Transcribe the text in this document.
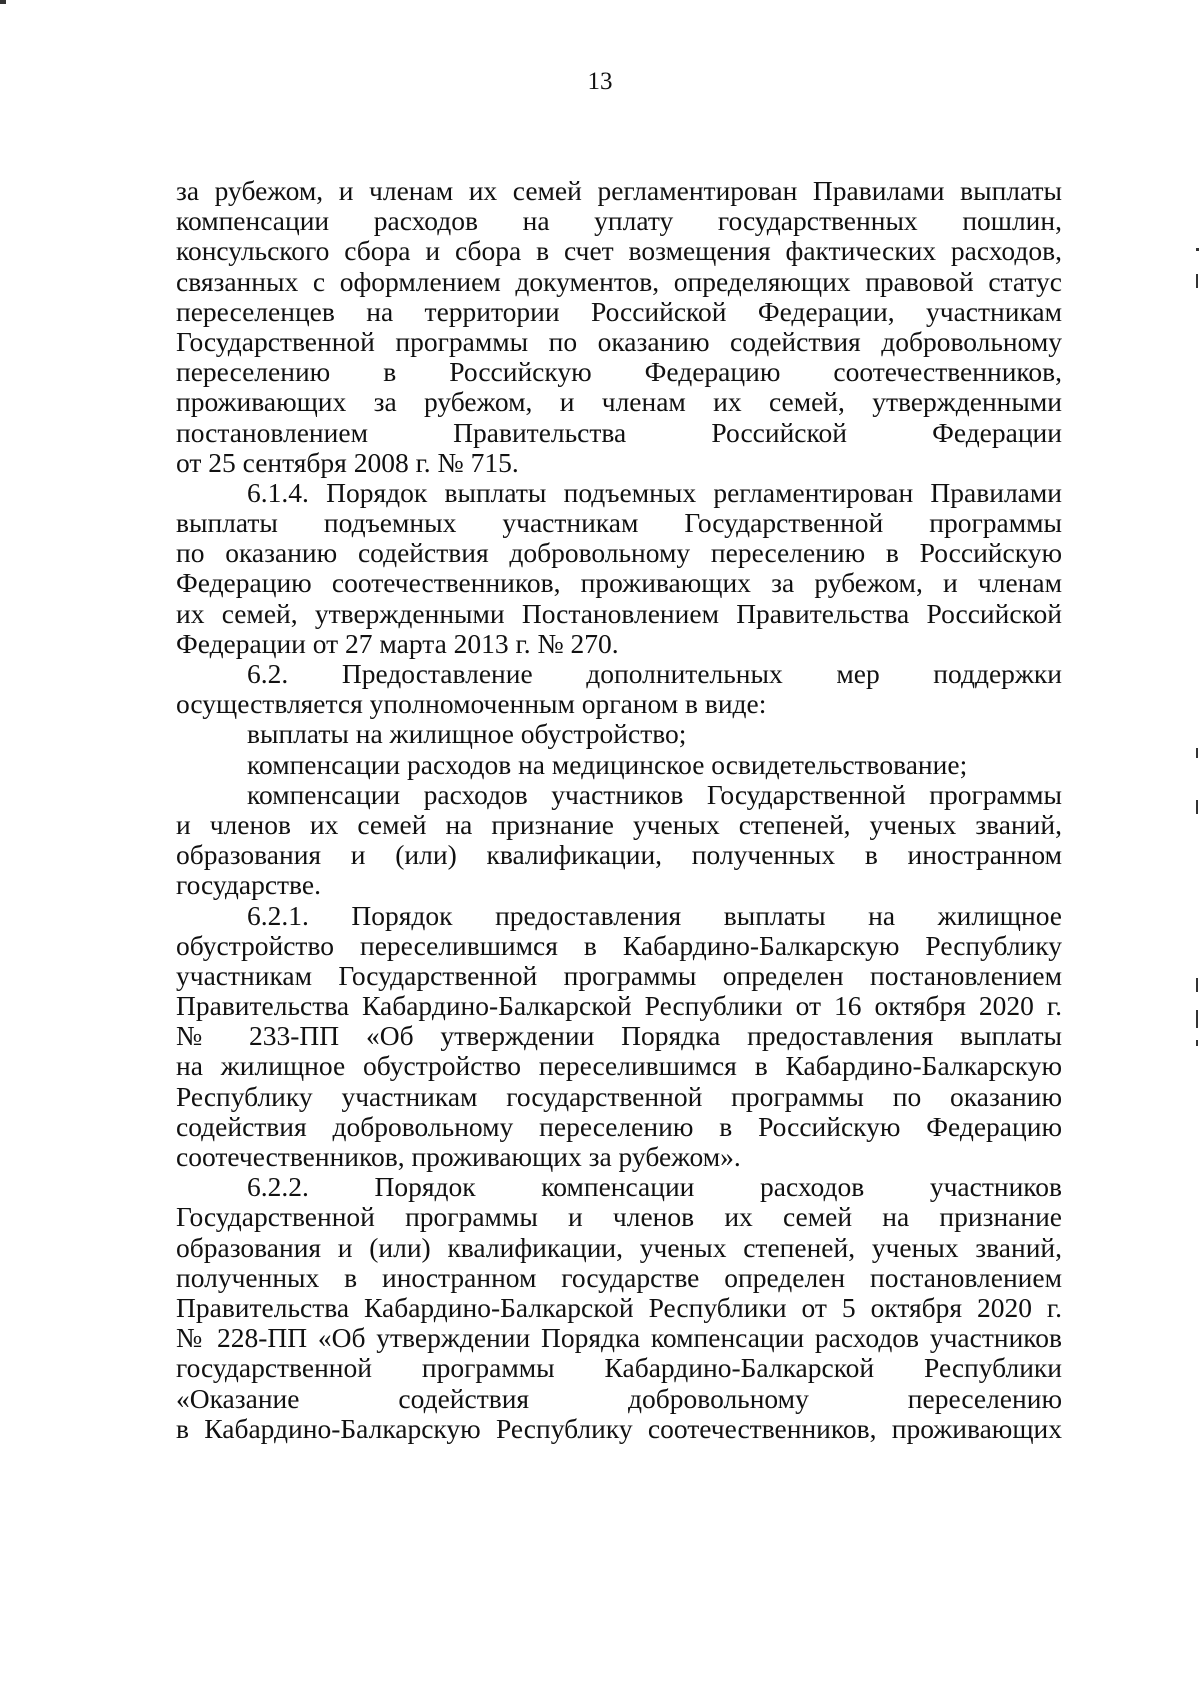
13
за рубежом, и членам их семей регламентирован Правилами выплаты
компенсации расходов на уплату государственных пошлин,
консульского сбора и сбора в счет возмещения фактических расходов,
связанных с оформлением документов, определяющих правовой статус
переселенцев на территории Российской Федерации, участникам
Государственной программы по оказанию содействия добровольному
переселению в Российскую Федерацию соотечественников,
проживающих за рубежом, и членам их семей, утвержденными
постановлением Правительства Российской Федерации
от 25 сентября 2008 г. № 715.
6.1.4. Порядок выплаты подъемных регламентирован Правилами
выплаты подъемных участникам Государственной программы
по оказанию содействия добровольному переселению в Российскую
Федерацию соотечественников, проживающих за рубежом, и членам
их семей, утвержденными Постановлением Правительства Российской
Федерации от 27 марта 2013 г. № 270.
6.2. Предоставление дополнительных мер поддержки
осуществляется уполномоченным органом в виде:
выплаты на жилищное обустройство;
компенсации расходов на медицинское освидетельствование;
компенсации расходов участников Государственной программы
и членов их семей на признание ученых степеней, ученых званий,
образования и (или) квалификации, полученных в иностранном
государстве.
6.2.1. Порядок предоставления выплаты на жилищное
обустройство переселившимся в Кабардино-Балкарскую Республику
участникам Государственной программы определен постановлением
Правительства Кабардино-Балкарской Республики от 16 октября 2020 г.
№ 233-ПП «Об утверждении Порядка предоставления выплаты
на жилищное обустройство переселившимся в Кабардино-Балкарскую
Республику участникам государственной программы по оказанию
содействия добровольному переселению в Российскую Федерацию
соотечественников, проживающих за рубежом».
6.2.2. Порядок компенсации расходов участников
Государственной программы и членов их семей на признание
образования и (или) квалификации, ученых степеней, ученых званий,
полученных в иностранном государстве определен постановлением
Правительства Кабардино-Балкарской Республики от 5 октября 2020 г.
№ 228-ПП «Об утверждении Порядка компенсации расходов участников
государственной программы Кабардино-Балкарской Республики
«Оказание содействия добровольному переселению
в Кабардино-Балкарскую Республику соотечественников, проживающих
